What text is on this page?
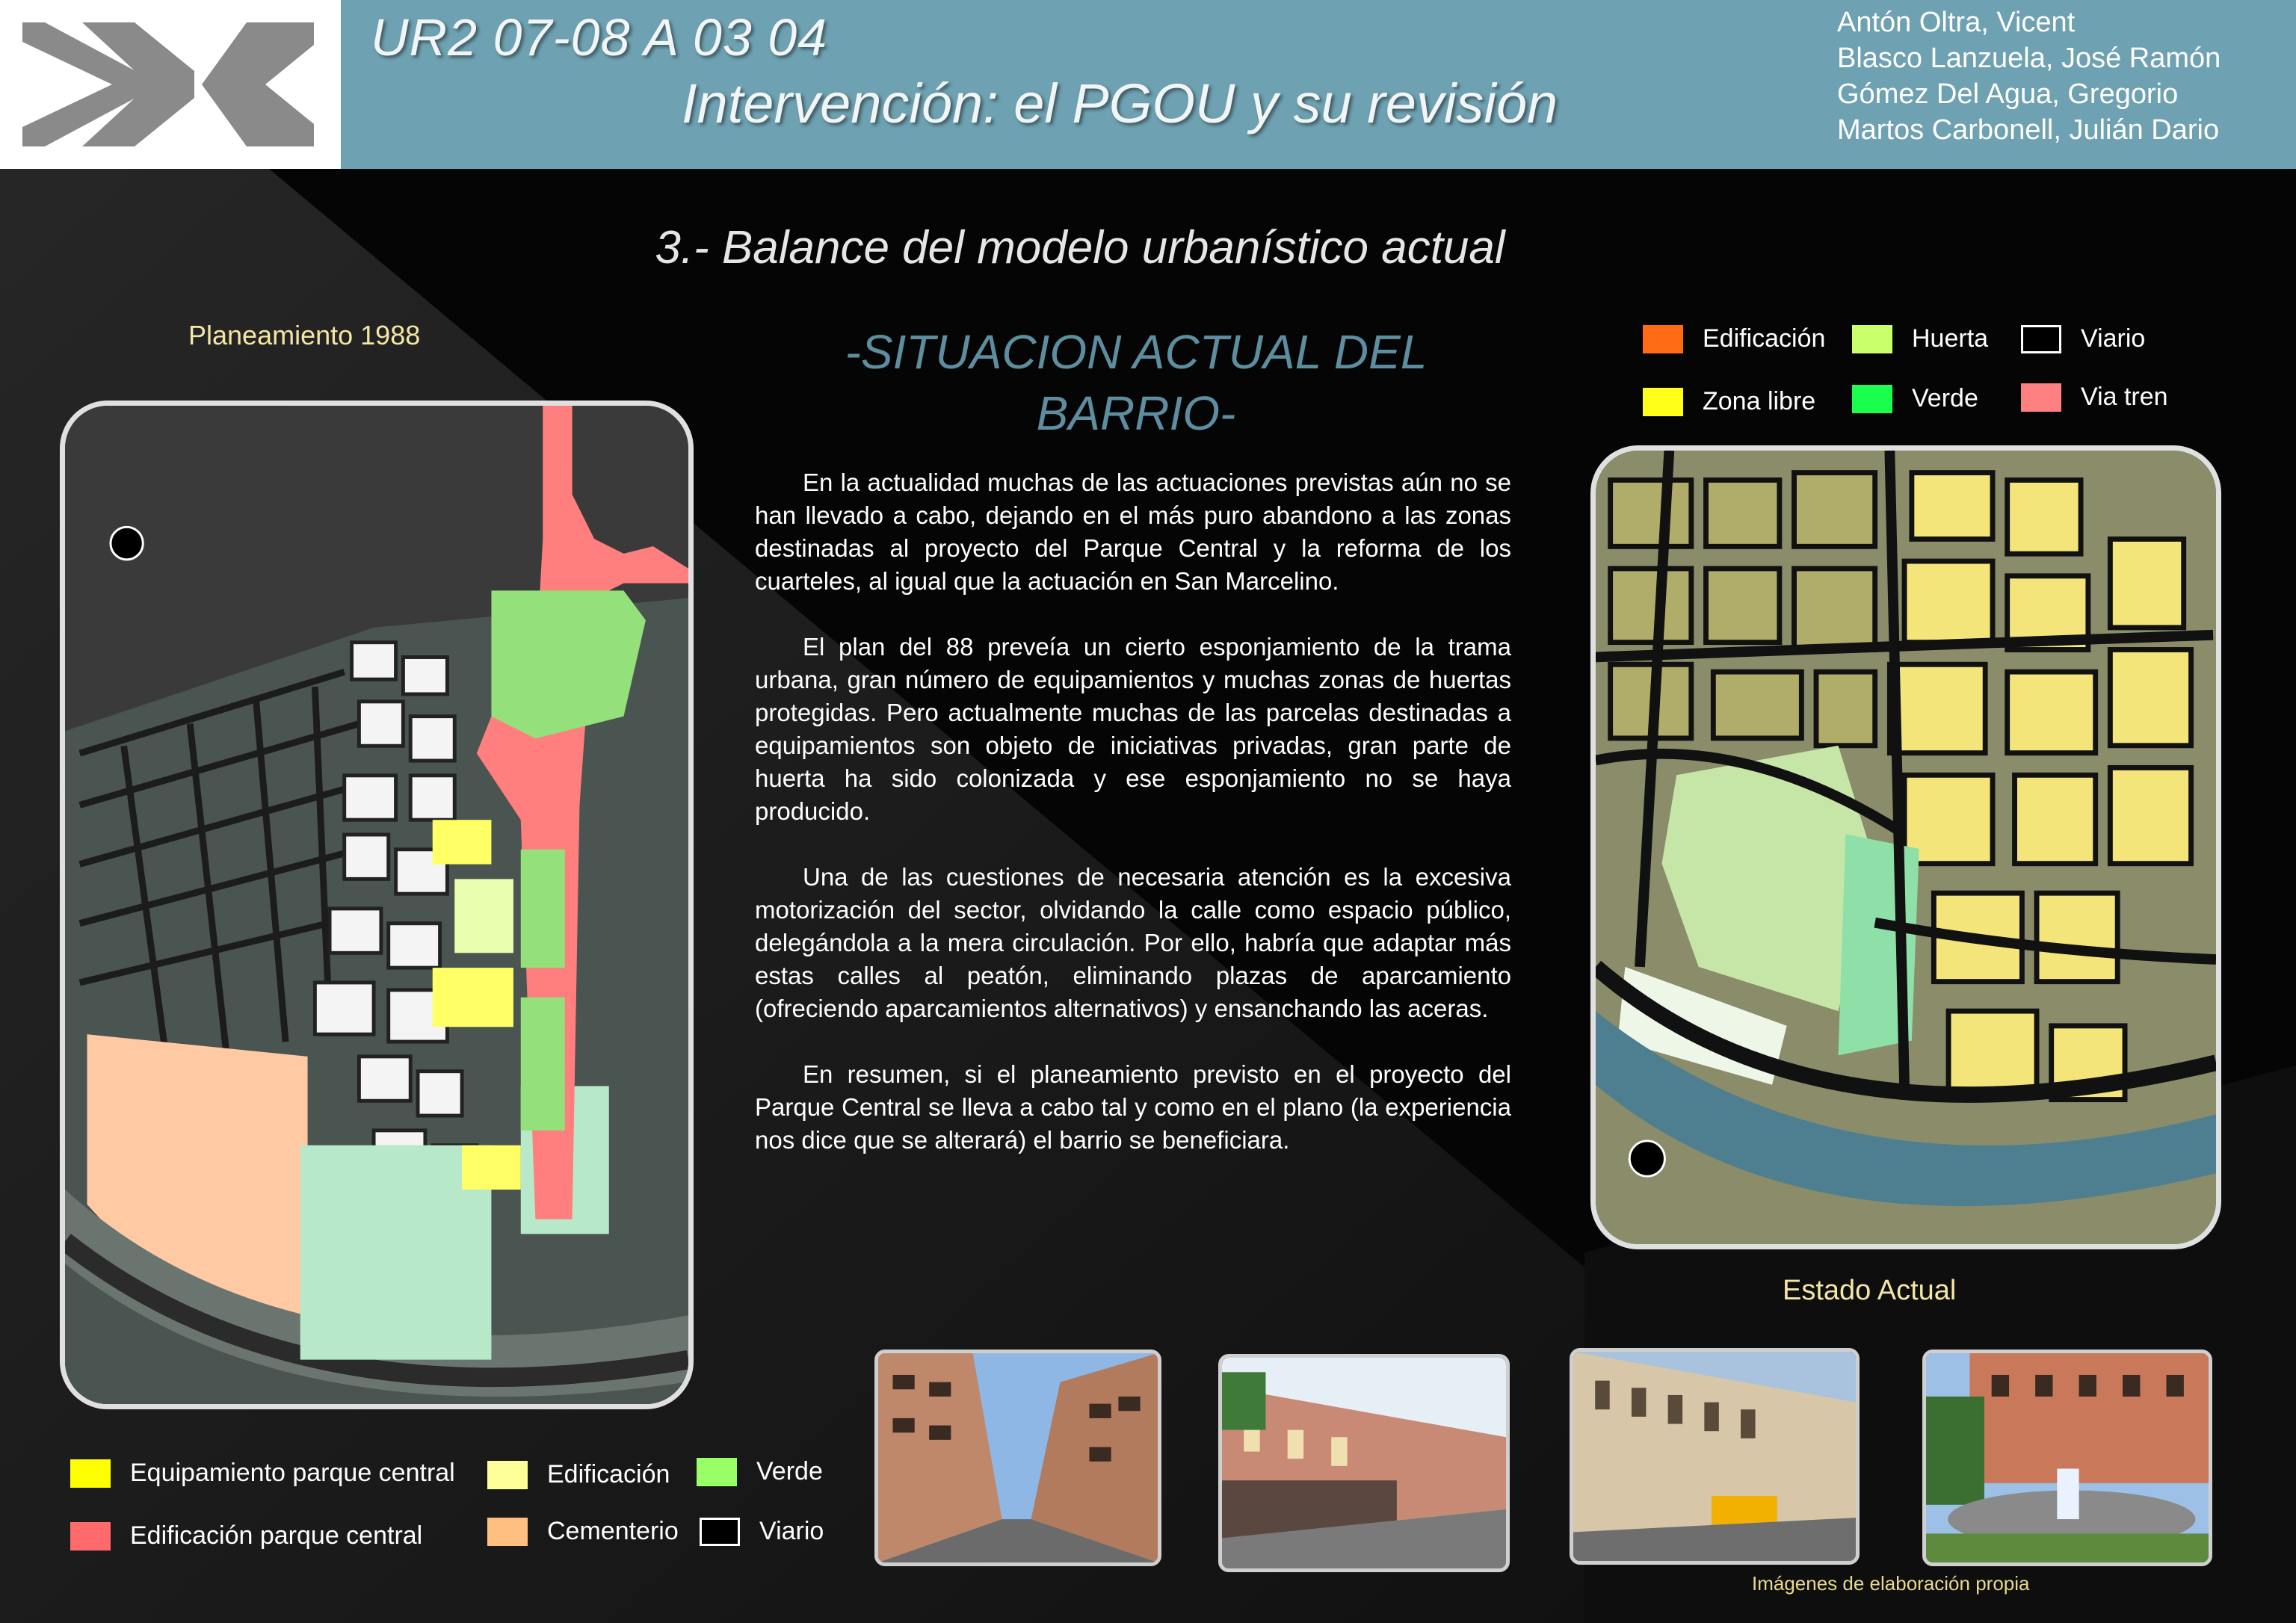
UR2 07-08 A 03 04
Intervención: el PGOU y su revisión
Antón Oltra, Vicent
Blasco Lanzuela, José Ramón
Gómez Del Agua, Gregorio
Martos Carbonell, Julián Dario
3.- Balance del modelo urbanístico actual
Planeamiento 1988	-SITUACION ACTUAL DEL BARRIO-

En la actualidad muchas de las actuaciones previstas aún no se han llevado a cabo, dejando en el más puro abandono a las zonas destinadas al proyecto del Parque Central y la reforma de los cuarteles, al igual que la actuación en San Marcelino.

El plan del 88 preveía un cierto esponjamiento de la trama urbana, gran número de equipamientos y muchas zonas de huertas protegidas. Pero actualmente muchas de las parcelas destinadas a equipamientos son objeto de iniciativas privadas, gran parte de huerta ha sido colonizada y ese esponjamiento no se haya producido.

Una de las cuestiones de necesaria atención es la excesiva motorización del sector, olvidando la calle como espacio público, delegándola a la mera circulación. Por ello, habría que adaptar más estas calles al peatón, eliminando plazas de aparcamiento (ofreciendo aparcamientos alternativos) y ensanchando las aceras.

En resumen, si el planeamiento previsto en el proyecto del Parque Central se lleva a cabo tal y como en el plano (la experiencia nos dice que se alterará) el barrio se beneficiara.

Edificación	Huerta	Viario
Zona libre	Verde	Via tren
Estado Actual
Equipamiento parque central	Edificación	Verde
Edificación parque central	Cementerio	Viario
Imágenes de elaboración propia
